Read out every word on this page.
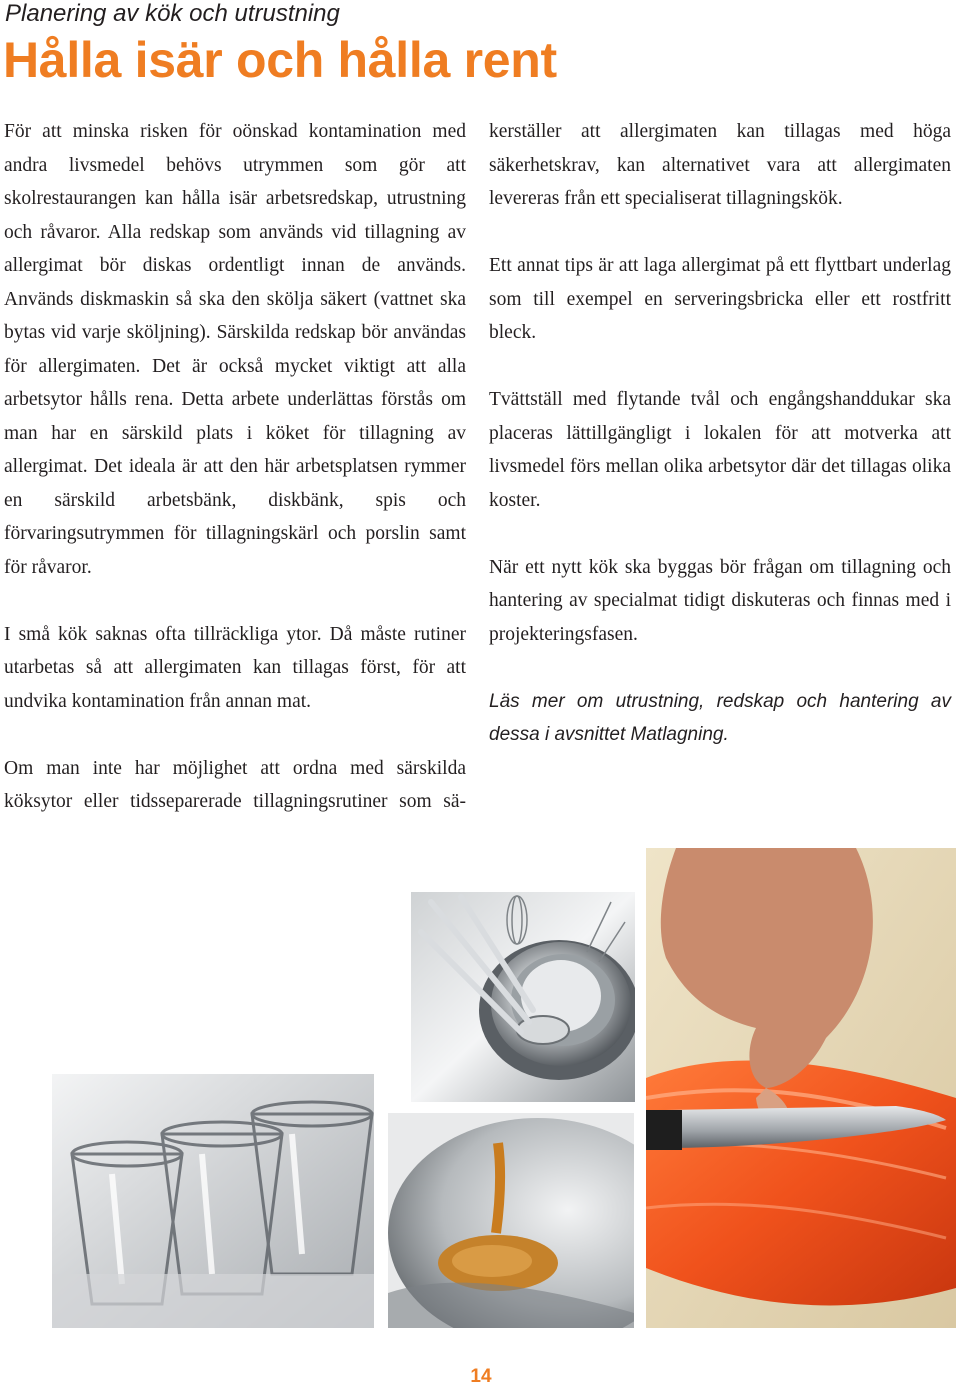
Planering av kök och utrustning
Hålla isär och hålla rent

För att minska risken för oönskad kontamination med andra livsmedel behövs utrymmen som gör att skolrestaurangen kan hålla isär arbetsredskap, utrustning och råvaror. Alla redskap som används vid tillagning av allergimat bör diskas ordentligt innan de används. Används diskmaskin så ska den skölja säkert (vattnet ska bytas vid varje sköljning). Särskilda redskap bör användas för allergimaten. Det är också mycket viktigt att alla arbetsytor hålls rena. Detta arbete underlättas förstås om man har en särskild plats i köket för tillagning av allergimat. Det ideala är att den här arbetsplatsen rymmer en särskild arbetsbänk, diskbänk, spis och förvaringsutrymmen för tillagningskärl och porslin samt för råvaror.

I små kök saknas ofta tillräckliga ytor. Då måste rutiner utarbetas så att allergimaten kan tillagas först, för att undvika kontamination från annan mat.

Om man inte har möjlighet att ordna med särskilda köksytor eller tidsseparerade tillagningsrutiner som sä-

kerställer att allergimaten kan tillagas med höga säkerhetskrav, kan alternativet vara att allergimaten levereras från ett specialiserat tillagningskök.

Ett annat tips är att laga allergimat på ett flyttbart underlag som till exempel en serveringsbricka eller ett rostfritt bleck.

Tvättställ med flytande tvål och engångshanddukar ska placeras lättillgängligt i lokalen för att motverka att livsmedel förs mellan olika arbetsytor där det tillagas olika koster.

När ett nytt kök ska byggas bör frågan om tillagning och hantering av specialmat tidigt diskuteras och finnas med i projekteringsfasen.

Läs mer om utrustning, redskap och hantering av dessa i avsnittet Matlagning.

14
